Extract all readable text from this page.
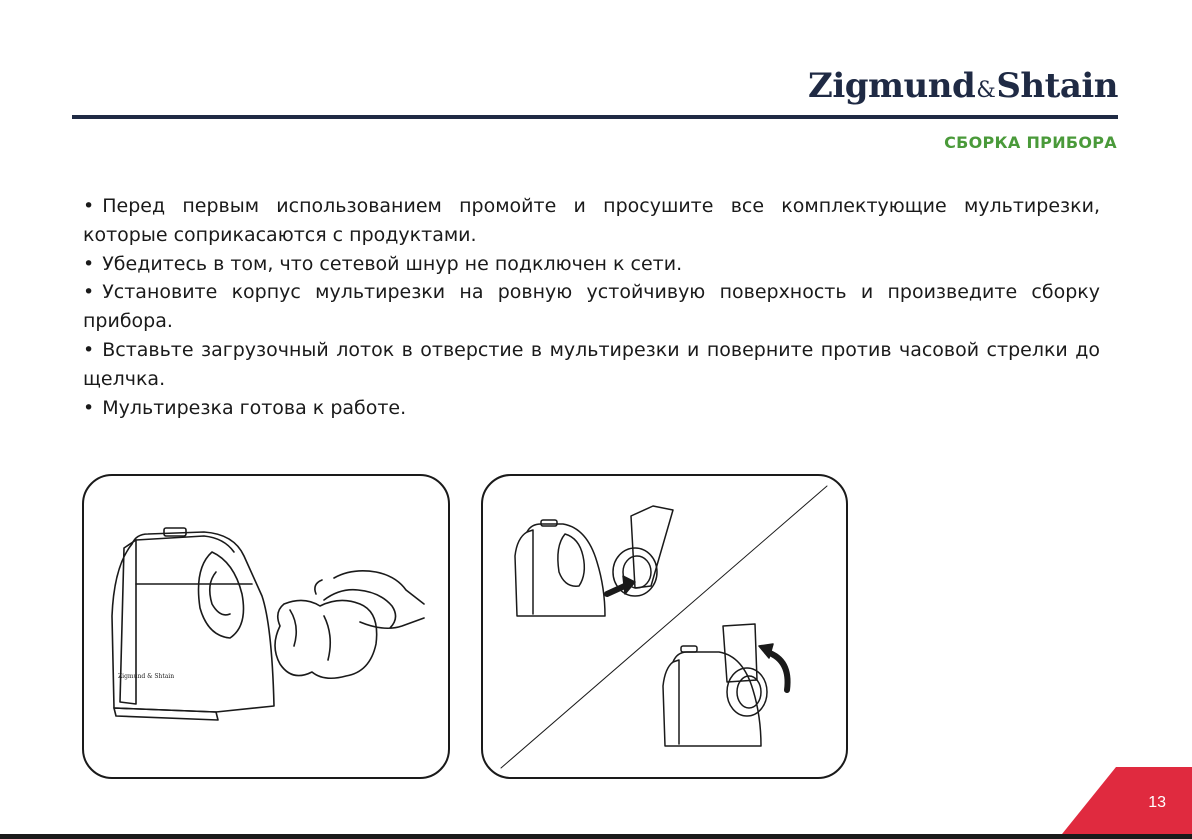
Zigmund&Shtain
СБОРКА ПРИБОРА
• Перед первым использованием промойте и просушите все комплектующие мультирезки, которые соприкасаются с продуктами.
• Убедитесь в том, что сетевой шнур не подключен к сети.
• Установите корпус мультирезки на ровную устойчивую поверхность и произведите сборку прибора.
• Вставьте загрузочный лоток в отверстие в мультирезки и поверните против часовой стрелки до щелчка.
• Мультирезка готова к работе.
Zigmund & Shtain
13
